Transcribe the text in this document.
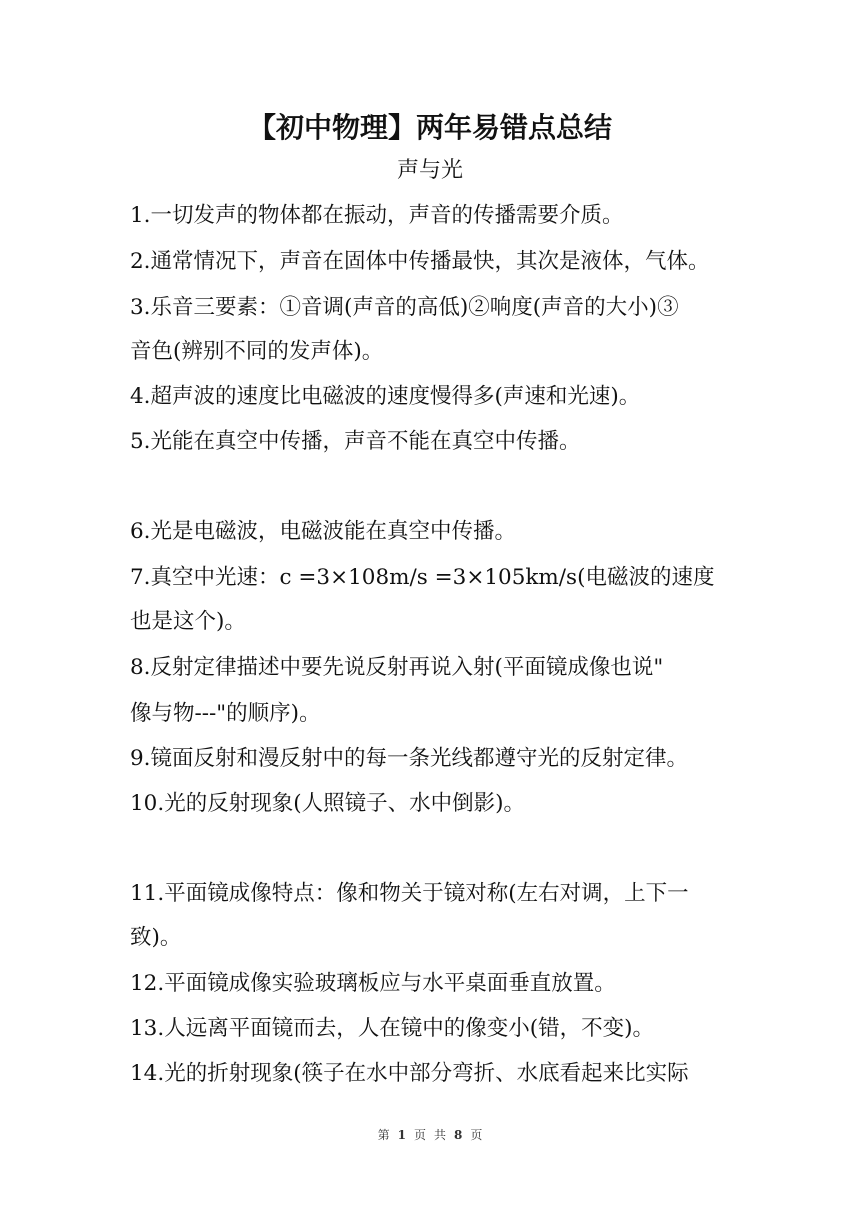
【初中物理】两年易错点总结
声与光
1.一切发声的物体都在振动，声音的传播需要介质。
2.通常情况下，声音在固体中传播最快，其次是液体，气体。
3.乐音三要素：①音调(声音的高低)②响度(声音的大小)③
音色(辨别不同的发声体)。
4.超声波的速度比电磁波的速度慢得多(声速和光速)。
5.光能在真空中传播，声音不能在真空中传播。
6.光是电磁波，电磁波能在真空中传播。
7.真空中光速：c =3×108m/s =3×105km/s(电磁波的速度
也是这个)。
8.反射定律描述中要先说反射再说入射(平面镜成像也说"
像与物---"的顺序)。
9.镜面反射和漫反射中的每一条光线都遵守光的反射定律。
10.光的反射现象(人照镜子、水中倒影)。
11.平面镜成像特点：像和物关于镜对称(左右对调，上下一
致)。
12.平面镜成像实验玻璃板应与水平桌面垂直放置。
13.人远离平面镜而去，人在镜中的像变小(错，不变)。
14.光的折射现象(筷子在水中部分弯折、水底看起来比实际
第 1 页 共 8 页
